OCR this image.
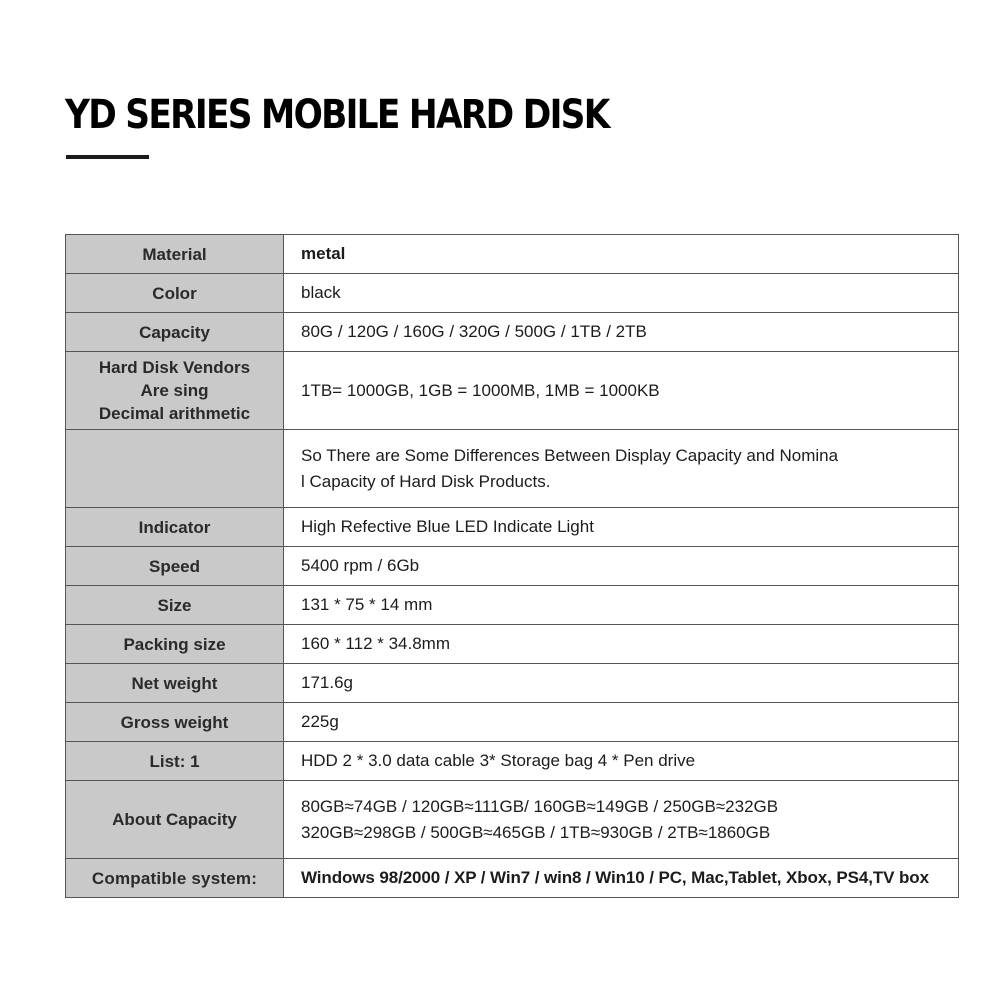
YD SERIES MOBILE HARD DISK
Material	metal

Color	black

Capacity	80G / 120G / 160G / 320G / 500G / 1TB / 2TB

Hard Disk Vendors
Are sing
Decimal arithmetic	1TB= 1000GB, 1GB = 1000MB, 1MB = 1000KB

	So There are Some Differences Between Display Capacity and Nomina
l Capacity of Hard Disk Products.

Indicator	High Refective Blue LED Indicate Light

Speed	5400 rpm / 6Gb

Size	131 * 75 * 14 mm

Packing size	160 * 112 * 34.8mm

Net weight	171.6g

Gross weight	225g

List: 1	HDD 2 * 3.0 data cable 3* Storage bag 4 * Pen drive

About Capacity	80GB≈74GB / 120GB≈111GB/ 160GB≈149GB / 250GB≈232GB
320GB≈298GB / 500GB≈465GB / 1TB≈930GB / 2TB≈1860GB

Compatible system:	Windows 98/2000 / XP / Win7 / win8 / Win10 / PC, Mac,Tablet, Xbox, PS4,TV box
